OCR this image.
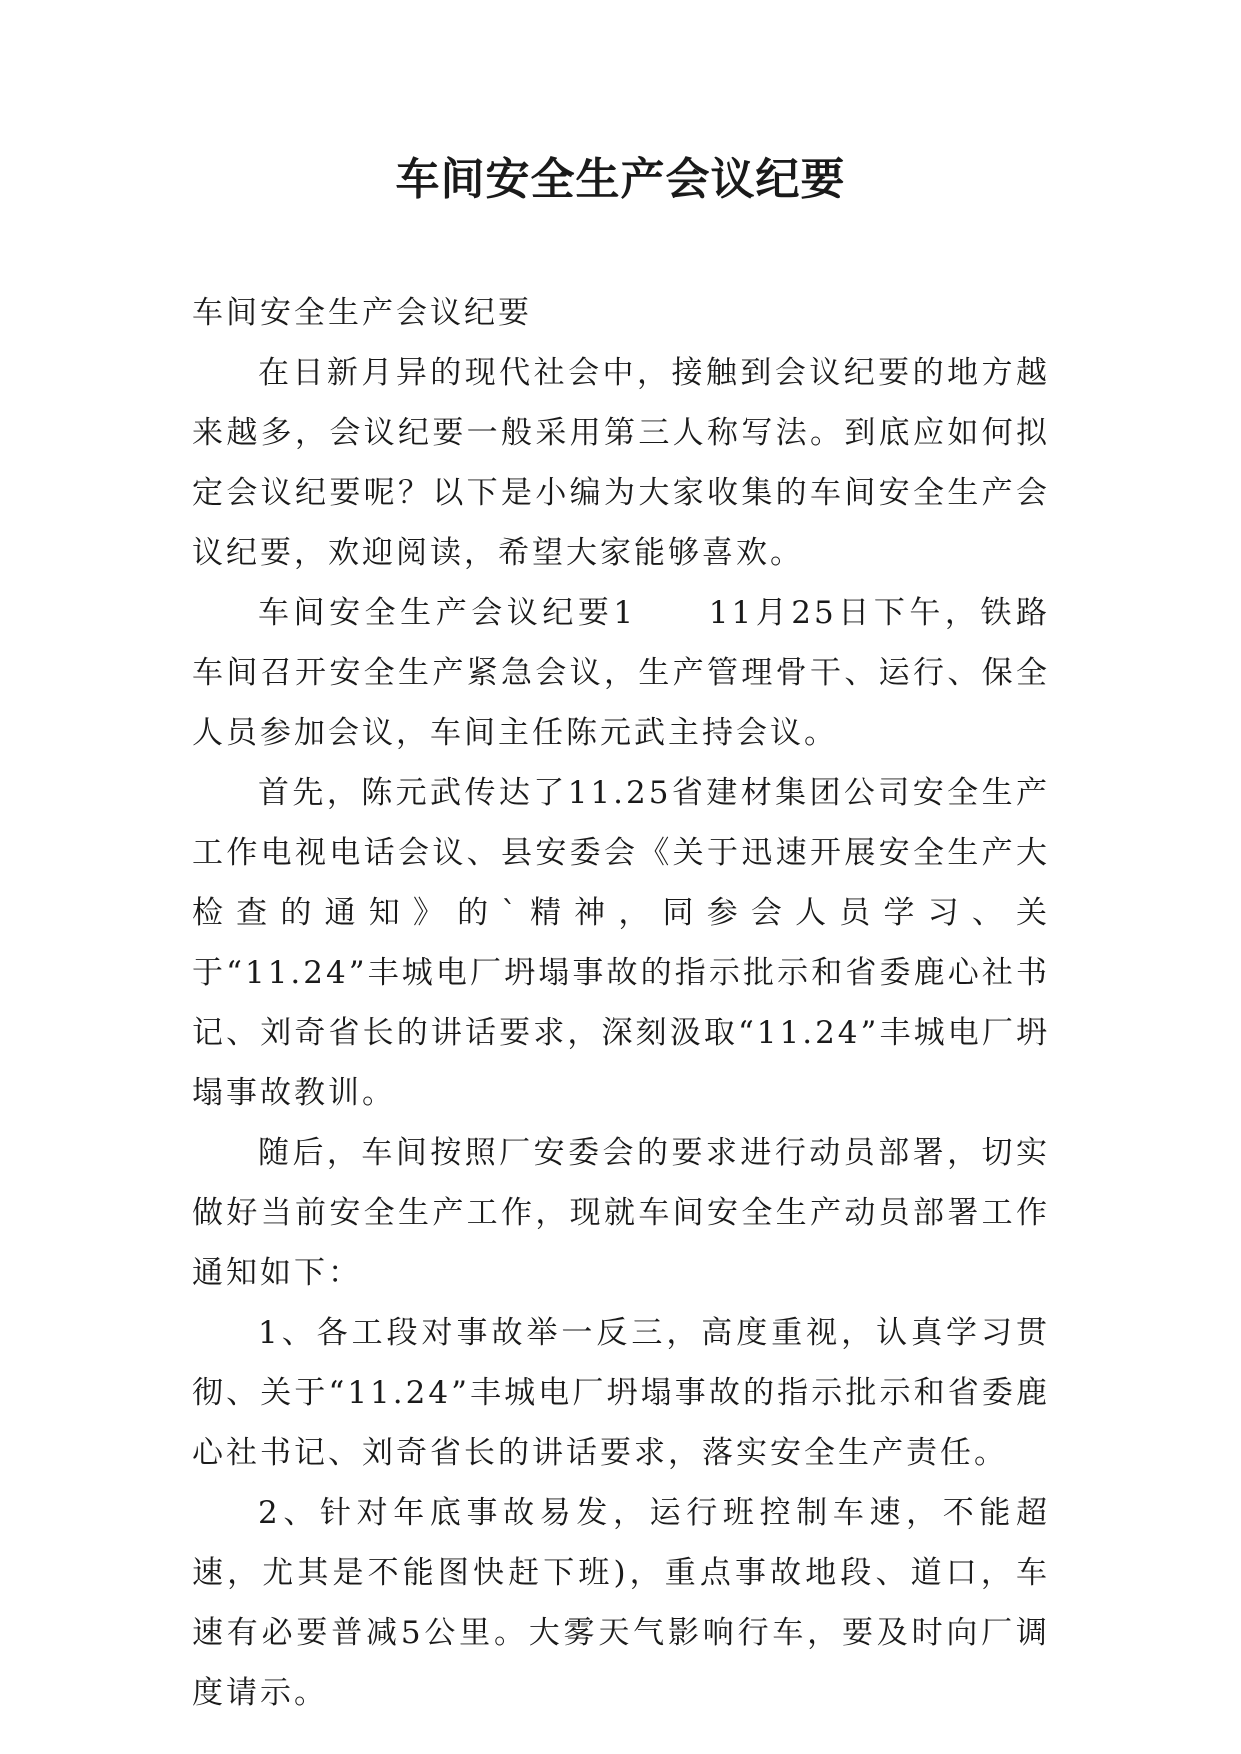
车间安全生产会议纪要

车间安全生产会议纪要

在日新月异的现代社会中，接触到会议纪要的地方越来越多，会议纪要一般采用第三人称写法。到底应如何拟定会议纪要呢？以下是小编为大家收集的车间安全生产会议纪要，欢迎阅读，希望大家能够喜欢。

车间安全生产会议纪要1　　11月25日下午，铁路车间召开安全生产紧急会议，生产管理骨干、运行、保全人员参加会议，车间主任陈元武主持会议。

首先，陈元武传达了11.25省建材集团公司安全生产工作电视电话会议、县安委会《关于迅速开展安全生产大检查的通知》的`精神，同参会人员学习、关于“11.24”丰城电厂坍塌事故的指示批示和省委鹿心社书记、刘奇省长的讲话要求，深刻汲取“11.24”丰城电厂坍塌事故教训。

随后，车间按照厂安委会的要求进行动员部署，切实做好当前安全生产工作，现就车间安全生产动员部署工作通知如下：

1、各工段对事故举一反三，高度重视，认真学习贯彻、关于“11.24”丰城电厂坍塌事故的指示批示和省委鹿心社书记、刘奇省长的讲话要求，落实安全生产责任。

2、针对年底事故易发，运行班控制车速，不能超速，尤其是不能图快赶下班)，重点事故地段、道口，车速有必要普减5公里。大雾天气影响行车，要及时向厂调度请示。
